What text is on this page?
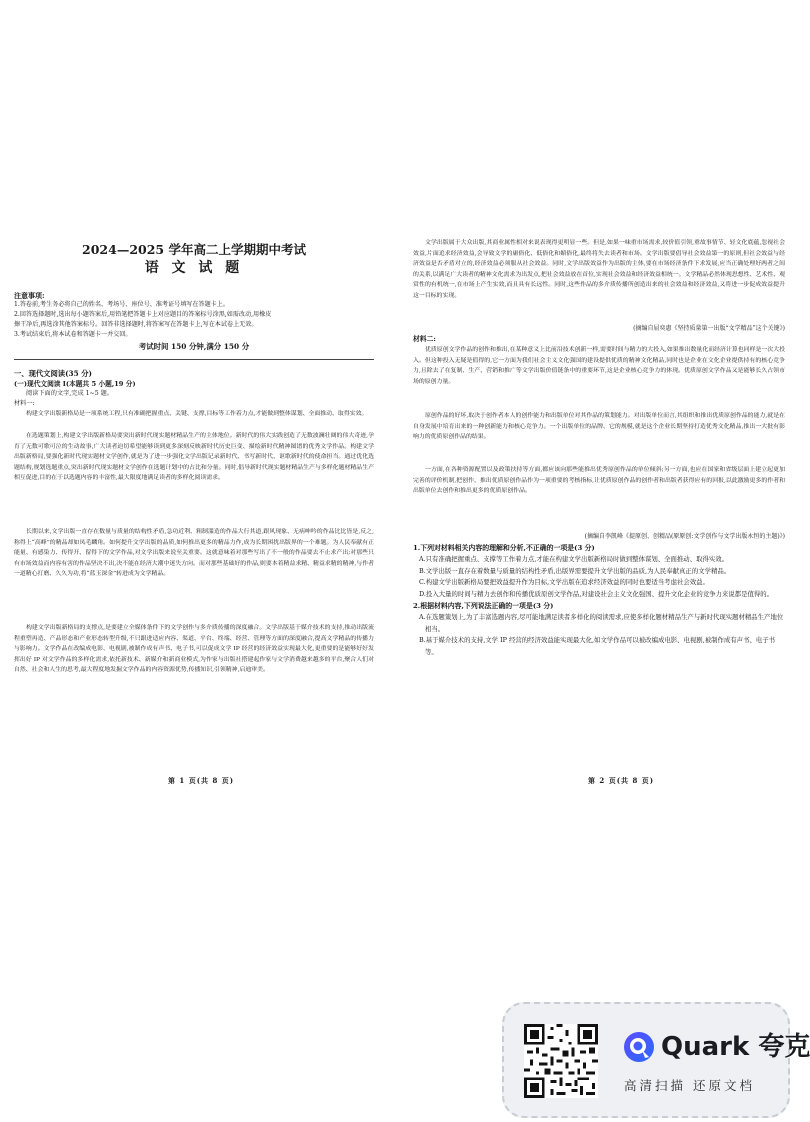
2024—2025 学年高二上学期期中考试
语 文 试 题
注意事项:
1.答卷前,考生务必将自己的姓名、考场号、座位号、准考证号填写在答题卡上。
2.回答选择题时,选出每小题答案后,用铅笔把答题卡上对应题目的答案标号涂黑,如需改动,用橡皮
擦干净后,再选涂其他答案标号。回答非选择题时,将答案写在答题卡上,写在本试卷上无效。
3.考试结束后,将本试卷和答题卡一并交回。
考试时间 150 分钟,满分 150 分
一、现代文阅读(35 分)
(一)现代文阅读 I(本题共 5 小题,19 分)
阅读下面的文字,完成 1~5 题。
材料一:

构建文学出版新格局是一项系统工程,只有准确把握重点、关键、支撑,目标等工作着力点,才能做到整体谋划、全面推动、取得实效。

在选题策划上,构建文学出版新格局要突出新时代现实题材精品生产的主体地位。新时代的伟大实践创造了无数波澜壮阔的伟大奇迹,孕育了无数可歌可泣的生动故事,广大读者迫切希望能够读到更多深刻反映新时代历史巨变、描绘新时代精神图谱的优秀文学作品。构建文学出版新格局,要强化新时代现实题材文学创作,就是为了进一步强化文学出版记录新时代、书写新时代、讴歌新时代的使命担当。通过优化选题结构,规划选题重点,突出新时代现实题材文学创作在选题计划中的占比和分量。同时,倡导新时代现实题材精品生产与多样化题材精品生产相互促进,目的在于以选题内容的丰富性,最大限度地满足读者的多样化阅读需求。

长期以来,文学出版一直存在数量与质量的结构性矛盾,急功近利、粗制滥造的作品大行其道,跟风现象、无病呻吟的作品比比皆是,反之,称得上“高峰”的精品却如凤毛麟角。如何提升文学出版的品质,如何推出更多的精品力作,成为长期困扰出版界的一个难题。为人民奉献有正能量、有感染力、传得开、留得下的文学作品,对文学出版来说至关重要。这就意味着对那些写出了不一般的作品要去不止求产出;对那些只有市场效益而内容有害的作品坚决不出,决不能在经济大潮中迷失方向。而对那些基础好的作品,则要本着精益求精、精益求精的精神,与作者一道精心打磨、久久为功,将“蓝玉深金”转进成为文学精品。

构建文学出版新格局的支撑点,是要建立全媒体条件下的文学创作与多介质传播的深度融合。文学出版基于媒介技术的支持,推动出版流程重塑再造、产品形态和产业形态转型升级,不只跟进适应内容、渠道、平台、终端、经营、管理等方面的深度融合,提高文学精品的传播力与影响力。文学作品在改编成电影、电视剧,被制作成有声书、电子书,可以促成文学 IP 经营的经济效益实现最大化,更重要的是能够好好发挥出好 IP 对文学作品的多样化需求,依托新技术、新媒介和新商业模式,为作家与出版社搭建起作家与文学消费越来越多的平台,聚合人们对自然、社会和人生的思考,最大程度地发掘文学作品的内容资源优势,传播知识,引领精神,启迪审美。

文学出版属于大众出版,其商业属性相对来说表现得更明显一些。但是,如果一味重市场需求,较价值引领,重故事情节、轻文化底蕴,忽视社会效益,片面追求经济效益,会导致文学的庸俗化、低俗化和媚俗化,最终将失去读者和市场。文学出版要倡导社会效益第一的原则,但社会效益与经济效益是否矛盾对立的,经济效益必须服从社会效益。同时,文学出版效益作为出版的主体,要在市场经济条件下求发展,应当正确处理好两者之间的关系,以满足广大读者的精神文化需求为出发点,把社会效益放在首位,实现社会效益和经济效益相统一。文学精品必然体现思想性、艺术性、观赏性的有机统一,在市场上产生实效,而且具有长远性。同时,这些作品的多介质传播所创造出来的社会效益和经济效益,又将进一步促成效益提升这一目标的实现。

(摘编自屈奕惠《坚持质量第一出版“文学精品”这个关键》)
材料二:

优质原创文学作品的创作和推出,在某种意义上比前沿技术创新一样,需要时间与精力的大投入,如果推出数量化而经济计算也同样是一次大投入。但这种投入无疑是值得的,它一方面为我们社会主义文化强国的建设提供优质的精神文化精品,同时也是企业在文化企业提供持有的核心竞争力,且除去了在复制、生产、营销和推广等文学出版价值链条中的重要环节,这是企业核心竞争力的体现。优质原创文学作品又是能够长久占领市场的原创力量。

原创作品的好坏,取决于创作者本人的创作能力和出版单位对其作品的策划能力。对出版单位而言,其组织和推出优质原创作品的能力,就是在自身发展中培育出来的一种创新能力和核心竞争力。一个出版单位的品牌、它的规模,就是这个企业长期坚持打造优秀文化精品,推出一大批有影响力的优质原创作品的结果。

一方面,在各种资源配置以及政策扶持等方面,都应该向那些能推出优秀原创作品的单位倾斜;另一方面,也应在国家和省级层面上建立起更加完善的评价机制,把创作、推出优质原创作品作为一项重要的考核指标,让优质原创作品的创作者和出版者获得应有的回报,以此激励更多的作者和出版单位去创作和推出更多的优质原创作品。

(摘编自李凯峰《提原创、创精品(原原创:文学创作与文学出版永恒的主题)》)
1.下列对材料相关内容的理解和分析,不正确的一项是(3 分)
A.只有准确把握重点、支撑等工作着力点,才能在构建文学出版新格局时做到整体谋划、全面推动、取得实效。
B.文学出版一直存在着数量与质量的结构性矛盾,出版界需要提升文学出版的品质,为人民奉献真正的文学精品。
C.构建文学出版新格局要把效益提升作为目标,文学出版在追求经济效益的同时也要适当考虑社会效益。
D.投入大量的时间与精力去创作和传播优质原创文学作品,对建设社会主义文化强国、提升文化企业的竞争力来说都是值得的。
2.根据材料内容,下列说法正确的一项是(3 分)
A.在选题策划上,为了丰富选题内容,尽可能地满足读者多样化的阅读需求,应使多样化题材精品生产与新时代现实题材精品生产地位相当。
B.基于媒介技术的支持,文学 IP 经营的经济效益能实现最大化,如文学作品可以被改编成电影、电视剧,被制作成有声书、电子书等。
第 1 页(共 8 页)	第 2 页(共 8 页)
Quark 夸克
高清扫描 还原文档
